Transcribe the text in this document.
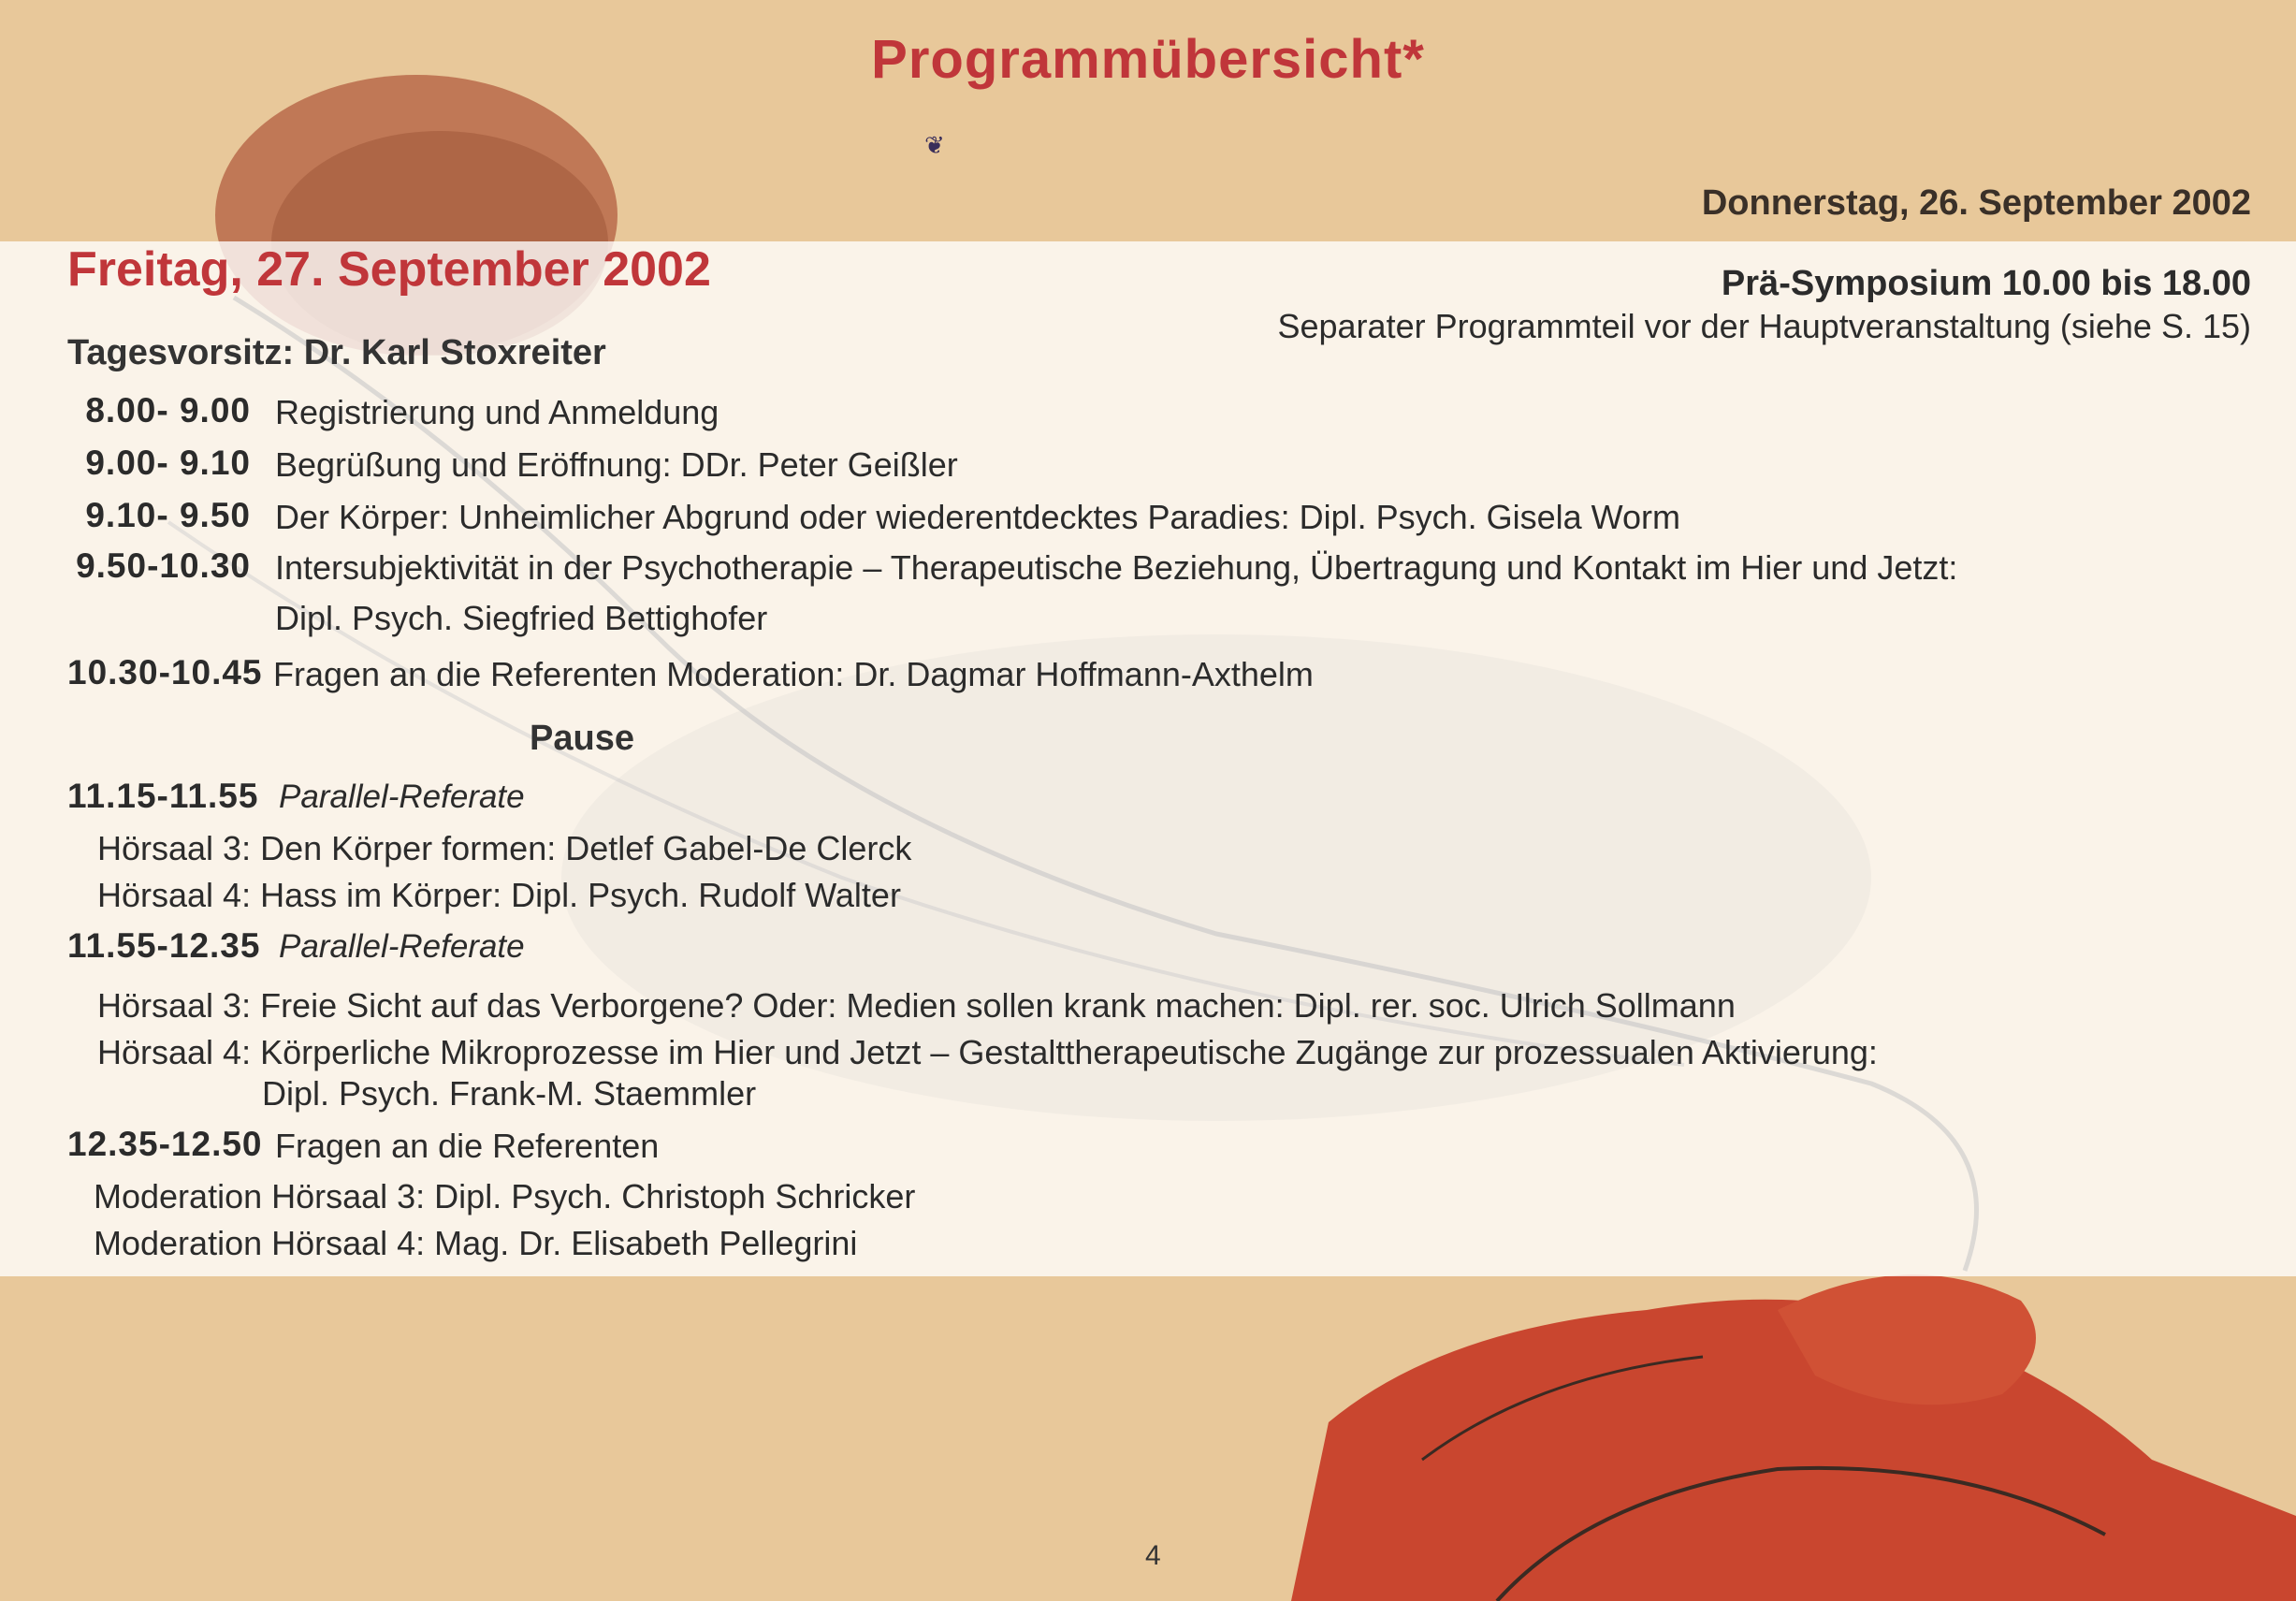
Programmübersicht*
❦
Donnerstag, 26. September 2002
Prä-Symposium 10.00 bis 18.00
Separater Programmteil vor der Hauptveranstaltung (siehe S. 15)
Freitag, 27. September 2002
Tagesvorsitz: Dr. Karl Stoxreiter
8.00- 9.00 Registrierung und Anmeldung
9.00- 9.10 Begrüßung und Eröffnung: DDr. Peter Geißler
9.10- 9.50 Der Körper: Unheimlicher Abgrund oder wiederentdecktes Paradies: Dipl. Psych. Gisela Worm
9.50-10.30 Intersubjektivität in der Psychotherapie – Therapeutische Beziehung, Übertragung und Kontakt im Hier und Jetzt:
Dipl. Psych. Siegfried Bettighofer
10.30-10.45 Fragen an die Referenten Moderation: Dr. Dagmar Hoffmann-Axthelm
Pause
11.15-11.55 Parallel-Referate
Hörsaal 3: Den Körper formen: Detlef Gabel-De Clerck
Hörsaal 4: Hass im Körper: Dipl. Psych. Rudolf Walter
11.55-12.35 Parallel-Referate
Hörsaal 3: Freie Sicht auf das Verborgene? Oder: Medien sollen krank machen: Dipl. rer. soc. Ulrich Sollmann
Hörsaal 4: Körperliche Mikroprozesse im Hier und Jetzt – Gestalttherapeutische Zugänge zur prozessualen Aktivierung:
Dipl. Psych. Frank-M. Staemmler
12.35-12.50 Fragen an die Referenten
Moderation Hörsaal 3: Dipl. Psych. Christoph Schricker
Moderation Hörsaal 4: Mag. Dr. Elisabeth Pellegrini
4
